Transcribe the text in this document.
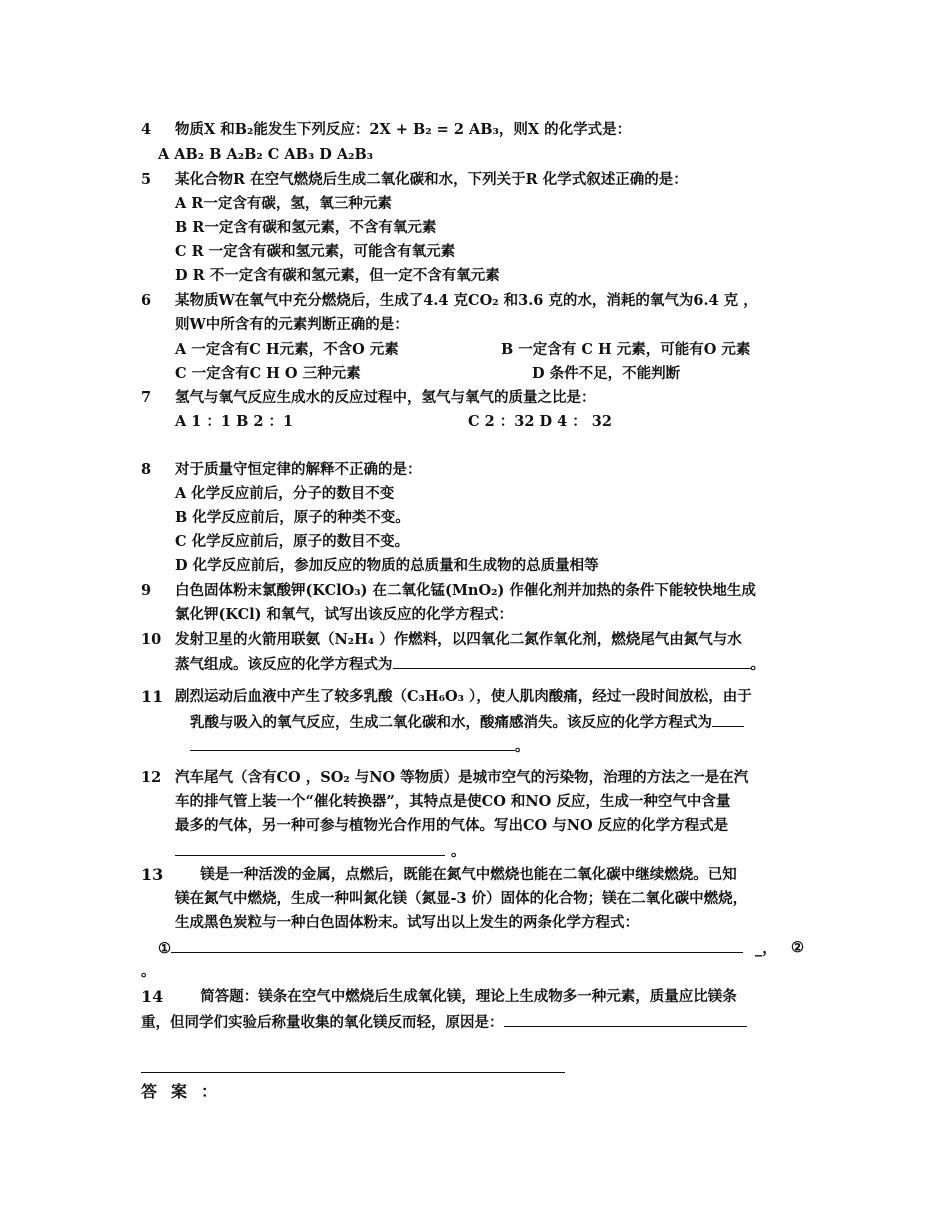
4 物质X 和B₂能发生下列反应：2X + B₂ = 2 AB₃，则X 的化学式是：
A AB₂ B A₂B₂ C AB₃ D A₂B₃
5 某化合物R 在空气燃烧后生成二氧化碳和水，下列关于R 化学式叙述正确的是：
A R一定含有碳，氢，氧三种元素
B R一定含有碳和氢元素，不含有氧元素
C R 一定含有碳和氢元素，可能含有氧元素
D R 不一定含有碳和氢元素，但一定不含有氧元素
6 某物质W在氧气中充分燃烧后，生成了4.4 克CO₂ 和3.6 克的水，消耗的氧气为6.4 克 ，
则W中所含有的元素判断正确的是：
A 一定含有C H元素，不含O 元素	B 一定含有 C H 元素，可能有O 元素
C 一定含有C H O 三种元素	D 条件不足，不能判断
7 氢气与氧气反应生成水的反应过程中，氢气与氧气的质量之比是：
A 1 ：1 B 2 ：1	C 2 ：32 D 4 ： 32
8 对于质量守恒定律的解释不正确的是：
A 化学反应前后，分子的数目不变
B 化学反应前后，原子的种类不变。
C 化学反应前后，原子的数目不变。
D 化学反应前后，参加反应的物质的总质量和生成物的总质量相等
9 白色固体粉末氯酸钾(KClO₃) 在二氧化锰(MnO₂) 作催化剂并加热的条件下能较快地生成
氯化钾(KCl) 和氧气，试写出该反应的化学方程式：
10 发射卫星的火箭用联氨（N₂H₄ ）作燃料，以四氧化二氮作氧化剂，燃烧尾气由氮气与水
蒸气组成。该反应的化学方程式为	。
11 剧烈运动后血液中产生了较多乳酸（C₃H₆O₃ ），使人肌肉酸痛，经过一段时间放松，由于
乳酸与吸入的氧气反应，生成二氧化碳和水，酸痛感消失。该反应的化学方程式为
。
12 汽车尾气（含有CO ，SO₂ 与NO 等物质）是城市空气的污染物，治理的方法之一是在汽
车的排气管上装一个“催化转换器”，其特点是使CO 和NO 反应，生成一种空气中含量
最多的气体，另一种可参与植物光合作用的气体。写出CO 与NO 反应的化学方程式是
。
13 镁是一种活泼的金属，点燃后，既能在氮气中燃烧也能在二氧化碳中继续燃烧。已知
镁在氮气中燃烧，生成一种叫氮化镁（氮显-3 价）固体的化合物；镁在二氧化碳中燃烧，
生成黑色炭粒与一种白色固体粉末。试写出以上发生的两条化学方程式：
①	_， ②
。
14 简答题：镁条在空气中燃烧后生成氧化镁，理论上生成物多一种元素，质量应比镁条
重，但同学们实验后称量收集的氧化镁反而轻，原因是：
答案：
